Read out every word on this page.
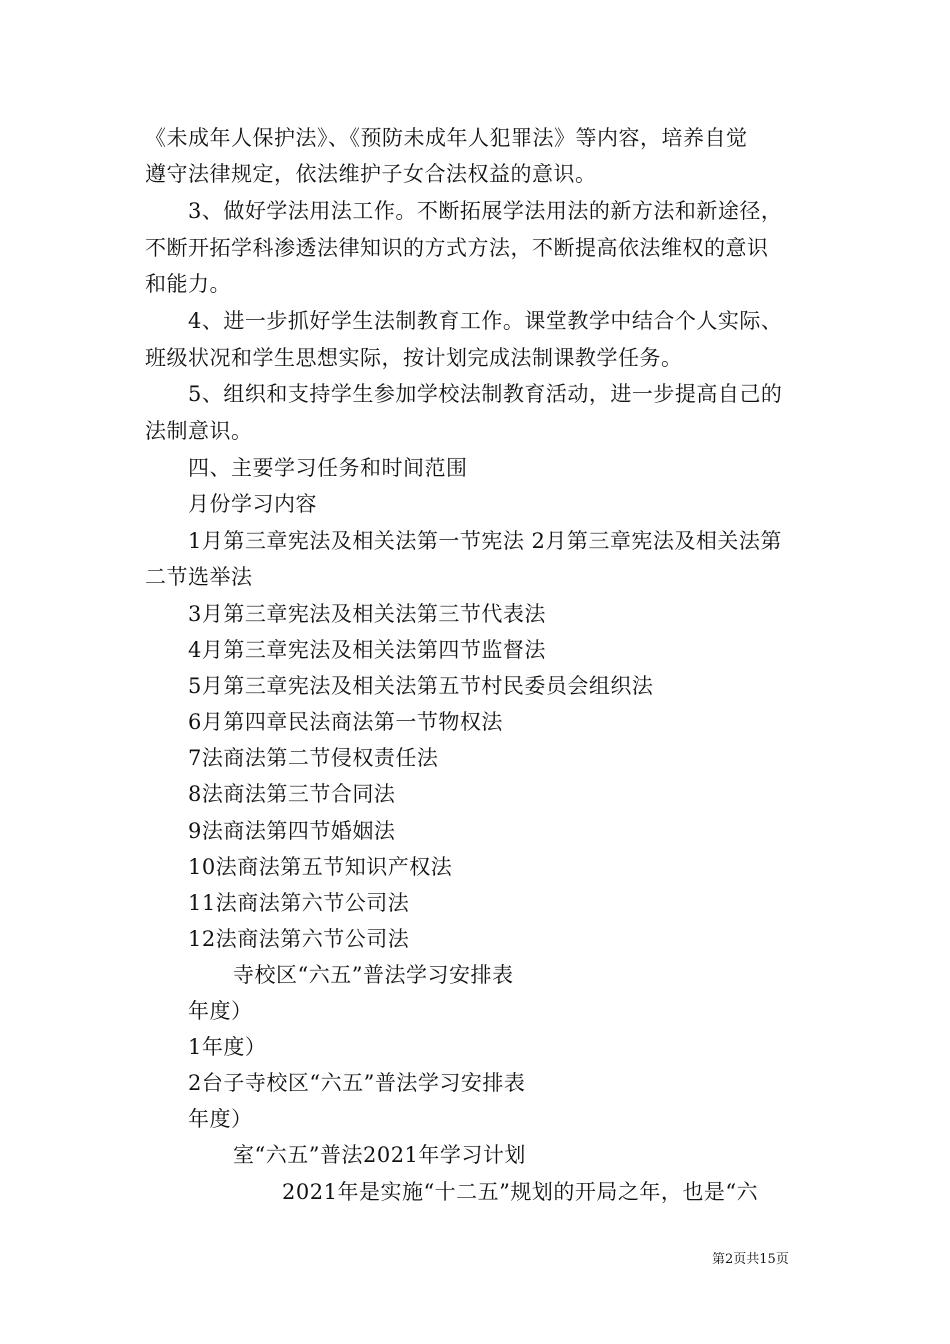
《未成年人保护法》、《预防未成年人犯罪法》等内容，培养自觉
遵守法律规定，依法维护子女合法权益的意识。
3、做好学法用法工作。不断拓展学法用法的新方法和新途径，
不断开拓学科渗透法律知识的方式方法，不断提高依法维权的意识
和能力。
4、进一步抓好学生法制教育工作。课堂教学中结合个人实际、
班级状况和学生思想实际，按计划完成法制课教学任务。
5、组织和支持学生参加学校法制教育活动，进一步提高自己的
法制意识。
四、主要学习任务和时间范围
月份学习内容
1月第三章宪法及相关法第一节宪法 2月第三章宪法及相关法第
二节选举法
3月第三章宪法及相关法第三节代表法
4月第三章宪法及相关法第四节监督法
5月第三章宪法及相关法第五节村民委员会组织法
6月第四章民法商法第一节物权法
7法商法第二节侵权责任法
8法商法第三节合同法
9法商法第四节婚姻法
10法商法第五节知识产权法
11法商法第六节公司法
12法商法第六节公司法
寺校区“六五”普法学习安排表
年度）
1年度）
2台子寺校区“六五”普法学习安排表
年度）
室“六五”普法2021年学习计划
2021年是实施“十二五”规划的开局之年，也是“六
第2页共15页
